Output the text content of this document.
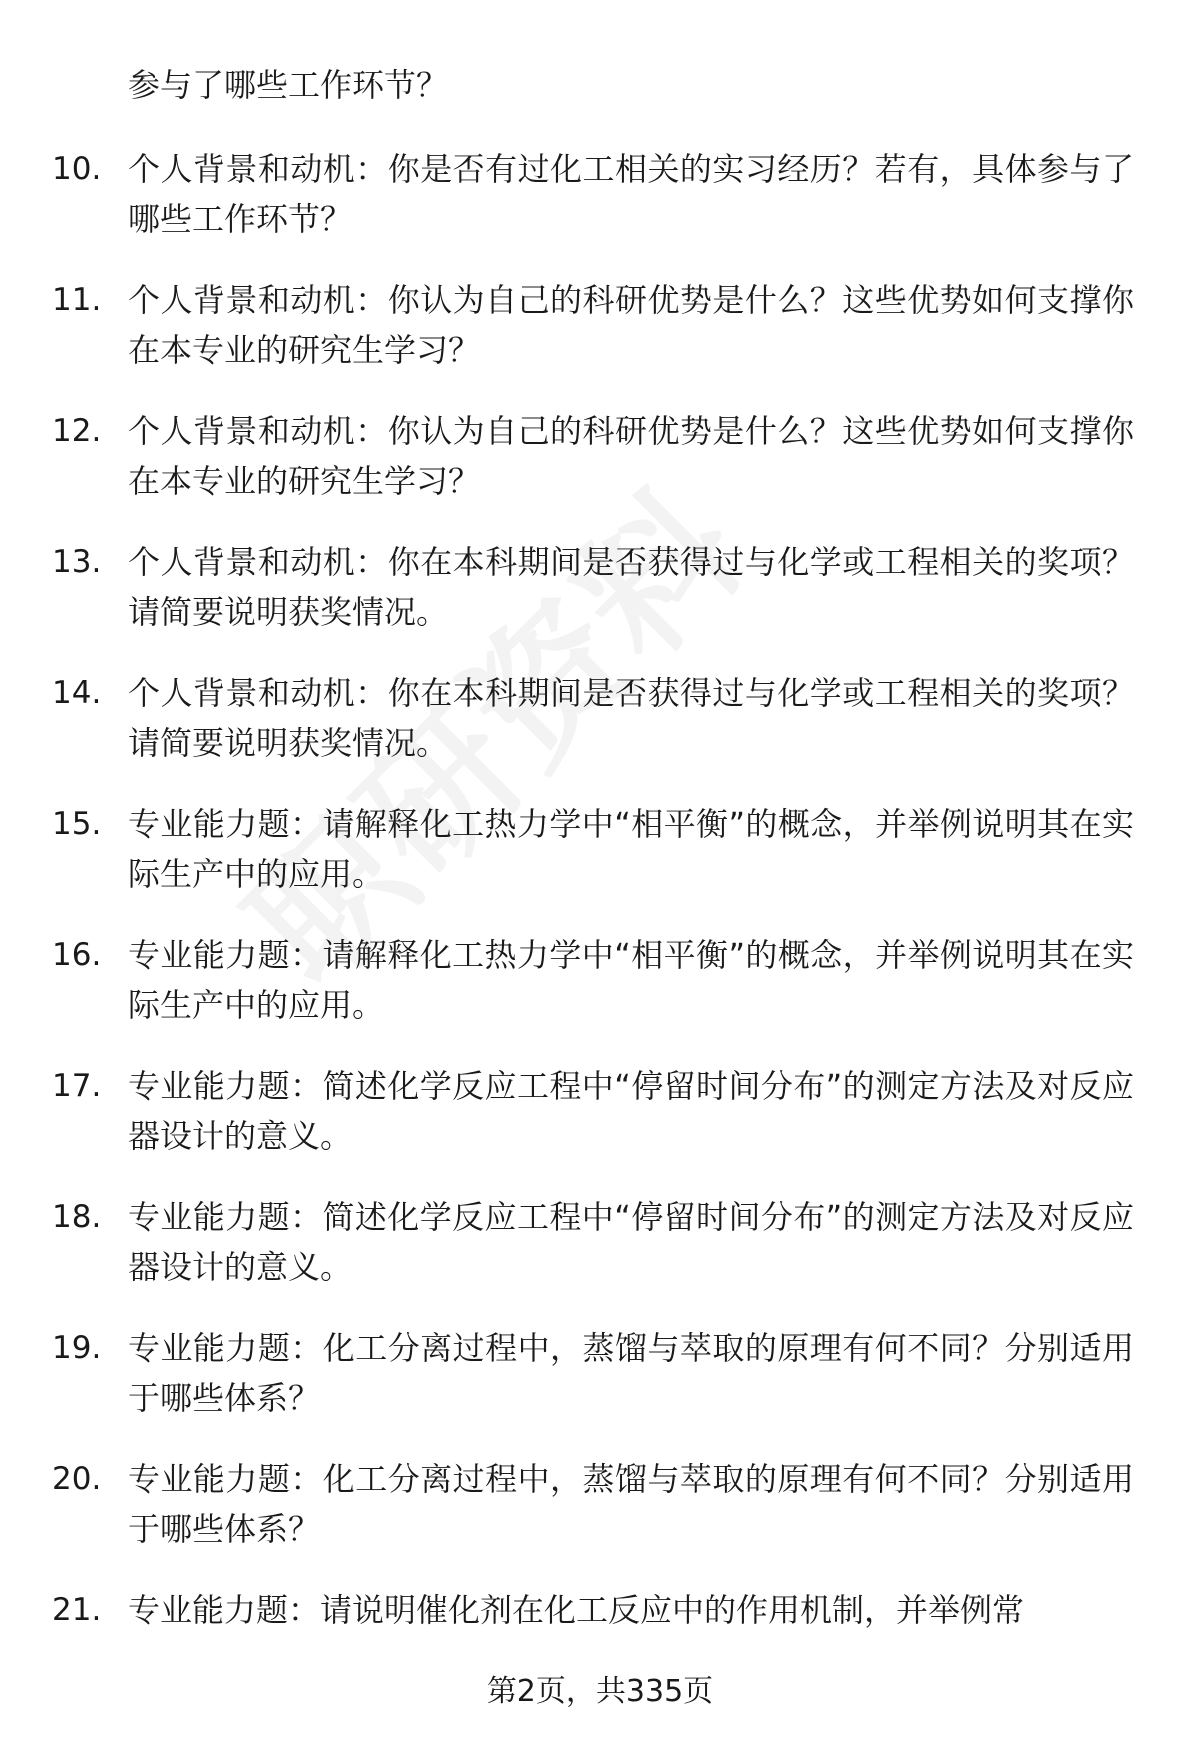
参与了哪些工作环节？
10. 个人背景和动机：你是否有过化工相关的实习经历？若有，具体参与了哪些工作环节？
11. 个人背景和动机：你认为自己的科研优势是什么？这些优势如何支撑你在本专业的研究生学习？
12. 个人背景和动机：你认为自己的科研优势是什么？这些优势如何支撑你在本专业的研究生学习？
13. 个人背景和动机：你在本科期间是否获得过与化学或工程相关的奖项？请简要说明获奖情况。
14. 个人背景和动机：你在本科期间是否获得过与化学或工程相关的奖项？请简要说明获奖情况。
15. 专业能力题：请解释化工热力学中“相平衡”的概念，并举例说明其在实际生产中的应用。
16. 专业能力题：请解释化工热力学中“相平衡”的概念，并举例说明其在实际生产中的应用。
17. 专业能力题：简述化学反应工程中“停留时间分布”的测定方法及对反应器设计的意义。
18. 专业能力题：简述化学反应工程中“停留时间分布”的测定方法及对反应器设计的意义。
19. 专业能力题：化工分离过程中，蒸馏与萃取的原理有何不同？分别适用于哪些体系？
20. 专业能力题：化工分离过程中，蒸馏与萃取的原理有何不同？分别适用于哪些体系？
21. 专业能力题：请说明催化剂在化工反应中的作用机制，并举例常
第2页，共335页
